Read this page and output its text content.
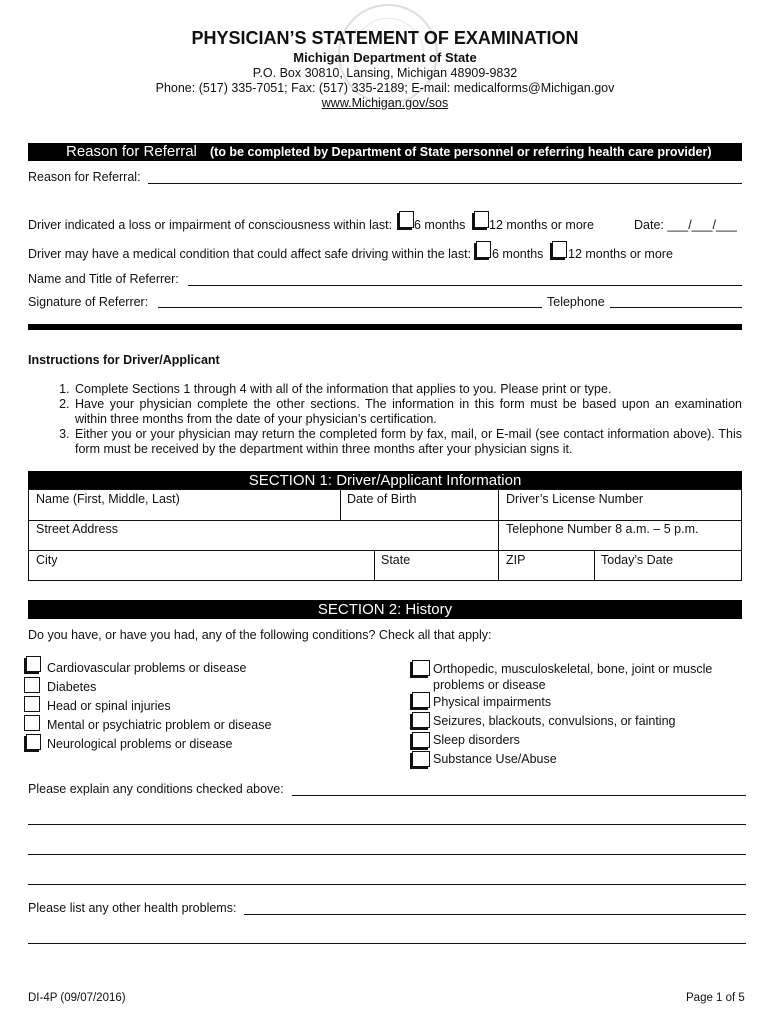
PHYSICIAN’S STATEMENT OF EXAMINATION
Michigan Department of State
P.O. Box 30810, Lansing, Michigan 48909-9832
Phone: (517) 335-7051; Fax: (517) 335-2189; E-mail: medicalforms@Michigan.gov
www.Michigan.gov/sos
Reason for Referral (to be completed by Department of State personnel or referring health care provider)
Reason for Referral:
Driver indicated a loss or impairment of consciousness within last: 6 months 12 months or more	Date: ___/___/___
Driver may have a medical condition that could affect safe driving within the last: 6 months 12 months or more
Name and Title of Referrer:
Signature of Referrer:	Telephone
Instructions for Driver/Applicant
1. Complete Sections 1 through 4 with all of the information that applies to you. Please print or type.
2. Have your physician complete the other sections. The information in this form must be based upon an examination within three months from the date of your physician’s certification.
3. Either you or your physician may return the completed form by fax, mail, or E-mail (see contact information above). This form must be received by the department within three months after your physician signs it.
SECTION 1: Driver/Applicant Information
Name (First, Middle, Last)	Date of Birth	Driver’s License Number
Street Address	Telephone Number 8 a.m. – 5 p.m.
City	State	ZIP	Today’s Date
SECTION 2: History
Do you have, or have you had, any of the following conditions? Check all that apply:
Cardiovascular problems or disease
Diabetes
Head or spinal injuries
Mental or psychiatric problem or disease
Neurological problems or disease
Orthopedic, musculoskeletal, bone, joint or muscle problems or disease
Physical impairments
Seizures, blackouts, convulsions, or fainting
Sleep disorders
Substance Use/Abuse
Please explain any conditions checked above:
Please list any other health problems:
DI-4P (09/07/2016)	Page 1 of 5
